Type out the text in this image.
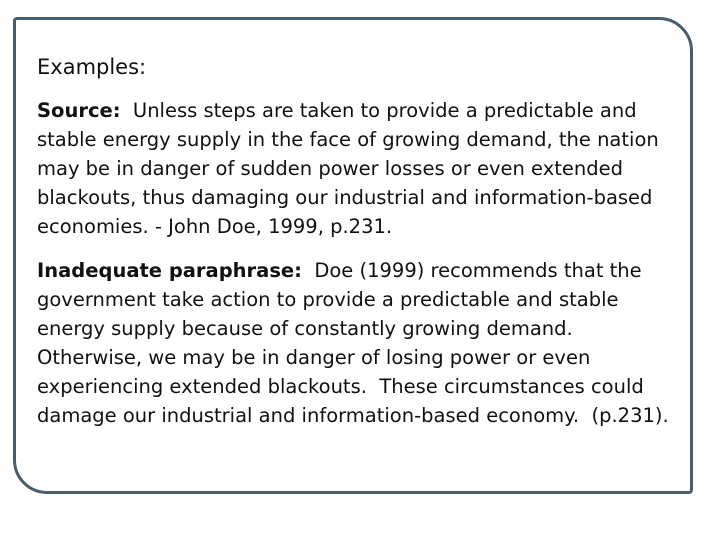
Examples:

Source:  Unless steps are taken to provide a predictable and
stable energy supply in the face of growing demand, the nation
may be in danger of sudden power losses or even extended
blackouts, thus damaging our industrial and information-based
economies. - John Doe, 1999, p.231.

Inadequate paraphrase:  Doe (1999) recommends that the
government take action to provide a predictable and stable
energy supply because of constantly growing demand.
Otherwise, we may be in danger of losing power or even
experiencing extended blackouts.  These circumstances could
damage our industrial and information-based economy.  (p.231).
